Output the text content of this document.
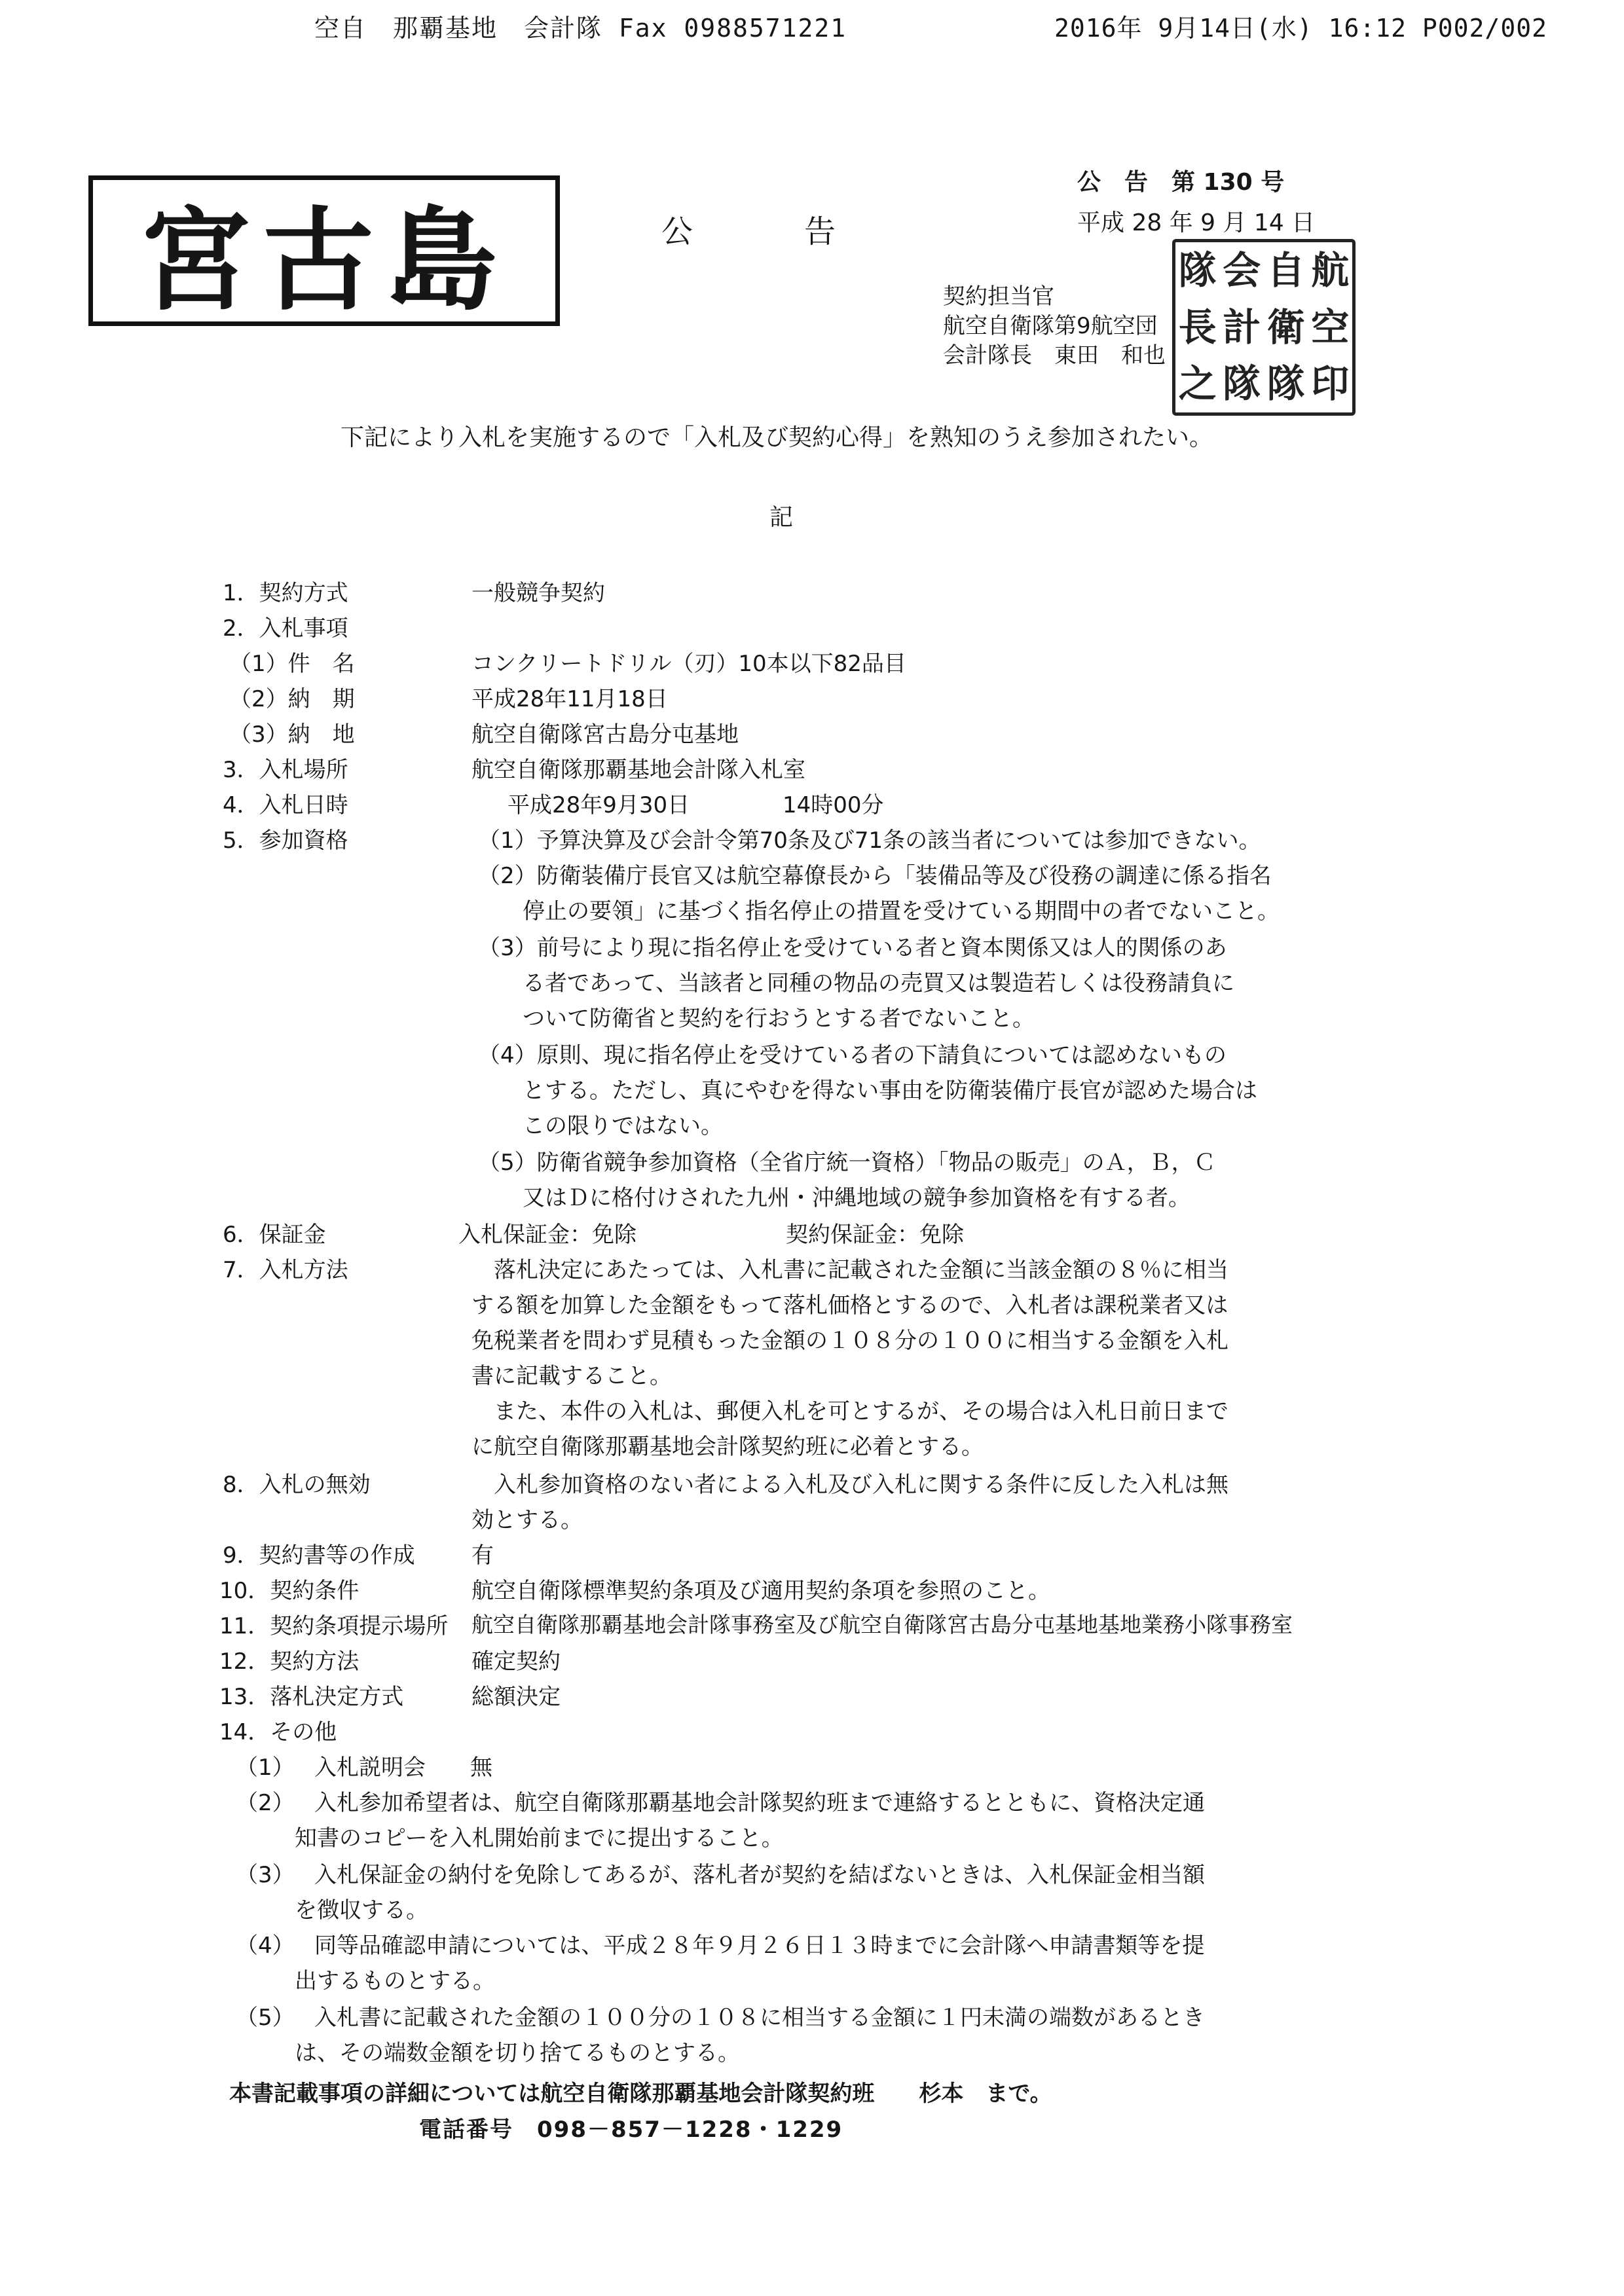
空自　那覇基地　会計隊 Fax 0988571221	2016年 9月14日(水) 16:12 P002/002
宮古島	公告
公　告　第 130 号
平成 28 年 9 月 14 日
契約担当官
航空自衛隊第9航空団
会計隊長　東田　和也
隊 会 自 航
長 計 衛 空
之 隊 隊 印
下記により入札を実施するので「入札及び契約心得」を熟知のうえ参加されたい。
記
1．契約方式	一般競争契約
2．入札事項
（1）件　名	コンクリートドリル（刃）10本以下82品目
（2）納　期	平成28年11月18日
（3）納　地	航空自衛隊宮古島分屯基地
3．入札場所	航空自衛隊那覇基地会計隊入札室
4．入札日時	平成28年9月30日	14時00分
5．参加資格	（1）予算決算及び会計令第70条及び71条の該当者については参加できない。
（2）防衛装備庁長官又は航空幕僚長から「装備品等及び役務の調達に係る指名
　　停止の要領」に基づく指名停止の措置を受けている期間中の者でないこと。
（3）前号により現に指名停止を受けている者と資本関係又は人的関係のあ
　　る者であって、当該者と同種の物品の売買又は製造若しくは役務請負に
　　ついて防衛省と契約を行おうとする者でないこと。
（4）原則、現に指名停止を受けている者の下請負については認めないもの
　　とする。ただし、真にやむを得ない事由を防衛装備庁長官が認めた場合は
　　この限りではない。
（5）防衛省競争参加資格（全省庁統一資格）「物品の販売」のＡ，Ｂ，Ｃ
　　又はＤに格付けされた九州・沖縄地域の競争参加資格を有する者。
6．保証金	入札保証金：免除	契約保証金：免除
7．入札方法	　落札決定にあたっては、入札書に記載された金額に当該金額の８％に相当
する額を加算した金額をもって落札価格とするので、入札者は課税業者又は
免税業者を問わず見積もった金額の１０８分の１００に相当する金額を入札
書に記載すること。
　また、本件の入札は、郵便入札を可とするが、その場合は入札日前日まで
に航空自衛隊那覇基地会計隊契約班に必着とする。
8．入札の無効	　入札参加資格のない者による入札及び入札に関する条件に反した入札は無
効とする。
9．契約書等の作成	有
10．契約条件	航空自衛隊標準契約条項及び適用契約条項を参照のこと。
11．契約条項提示場所 航空自衛隊那覇基地会計隊事務室及び航空自衛隊宮古島分屯基地基地業務小隊事務室
12．契約方法	確定契約
13．落札決定方式	総額決定
14．その他
（1） 入札説明会　　無
（2） 入札参加希望者は、航空自衛隊那覇基地会計隊契約班まで連絡するとともに、資格決定通
知書のコピーを入札開始前までに提出すること。
（3） 入札保証金の納付を免除してあるが、落札者が契約を結ばないときは、入札保証金相当額
を徴収する。
（4） 同等品確認申請については、平成２８年９月２６日１３時までに会計隊へ申請書類等を提
出するものとする。
（5） 入札書に記載された金額の１００分の１０８に相当する金額に１円未満の端数があるとき
は、その端数金額を切り捨てるものとする。
本書記載事項の詳細については航空自衛隊那覇基地会計隊契約班　　杉本　まで。
電話番号　098－857－1228・1229
